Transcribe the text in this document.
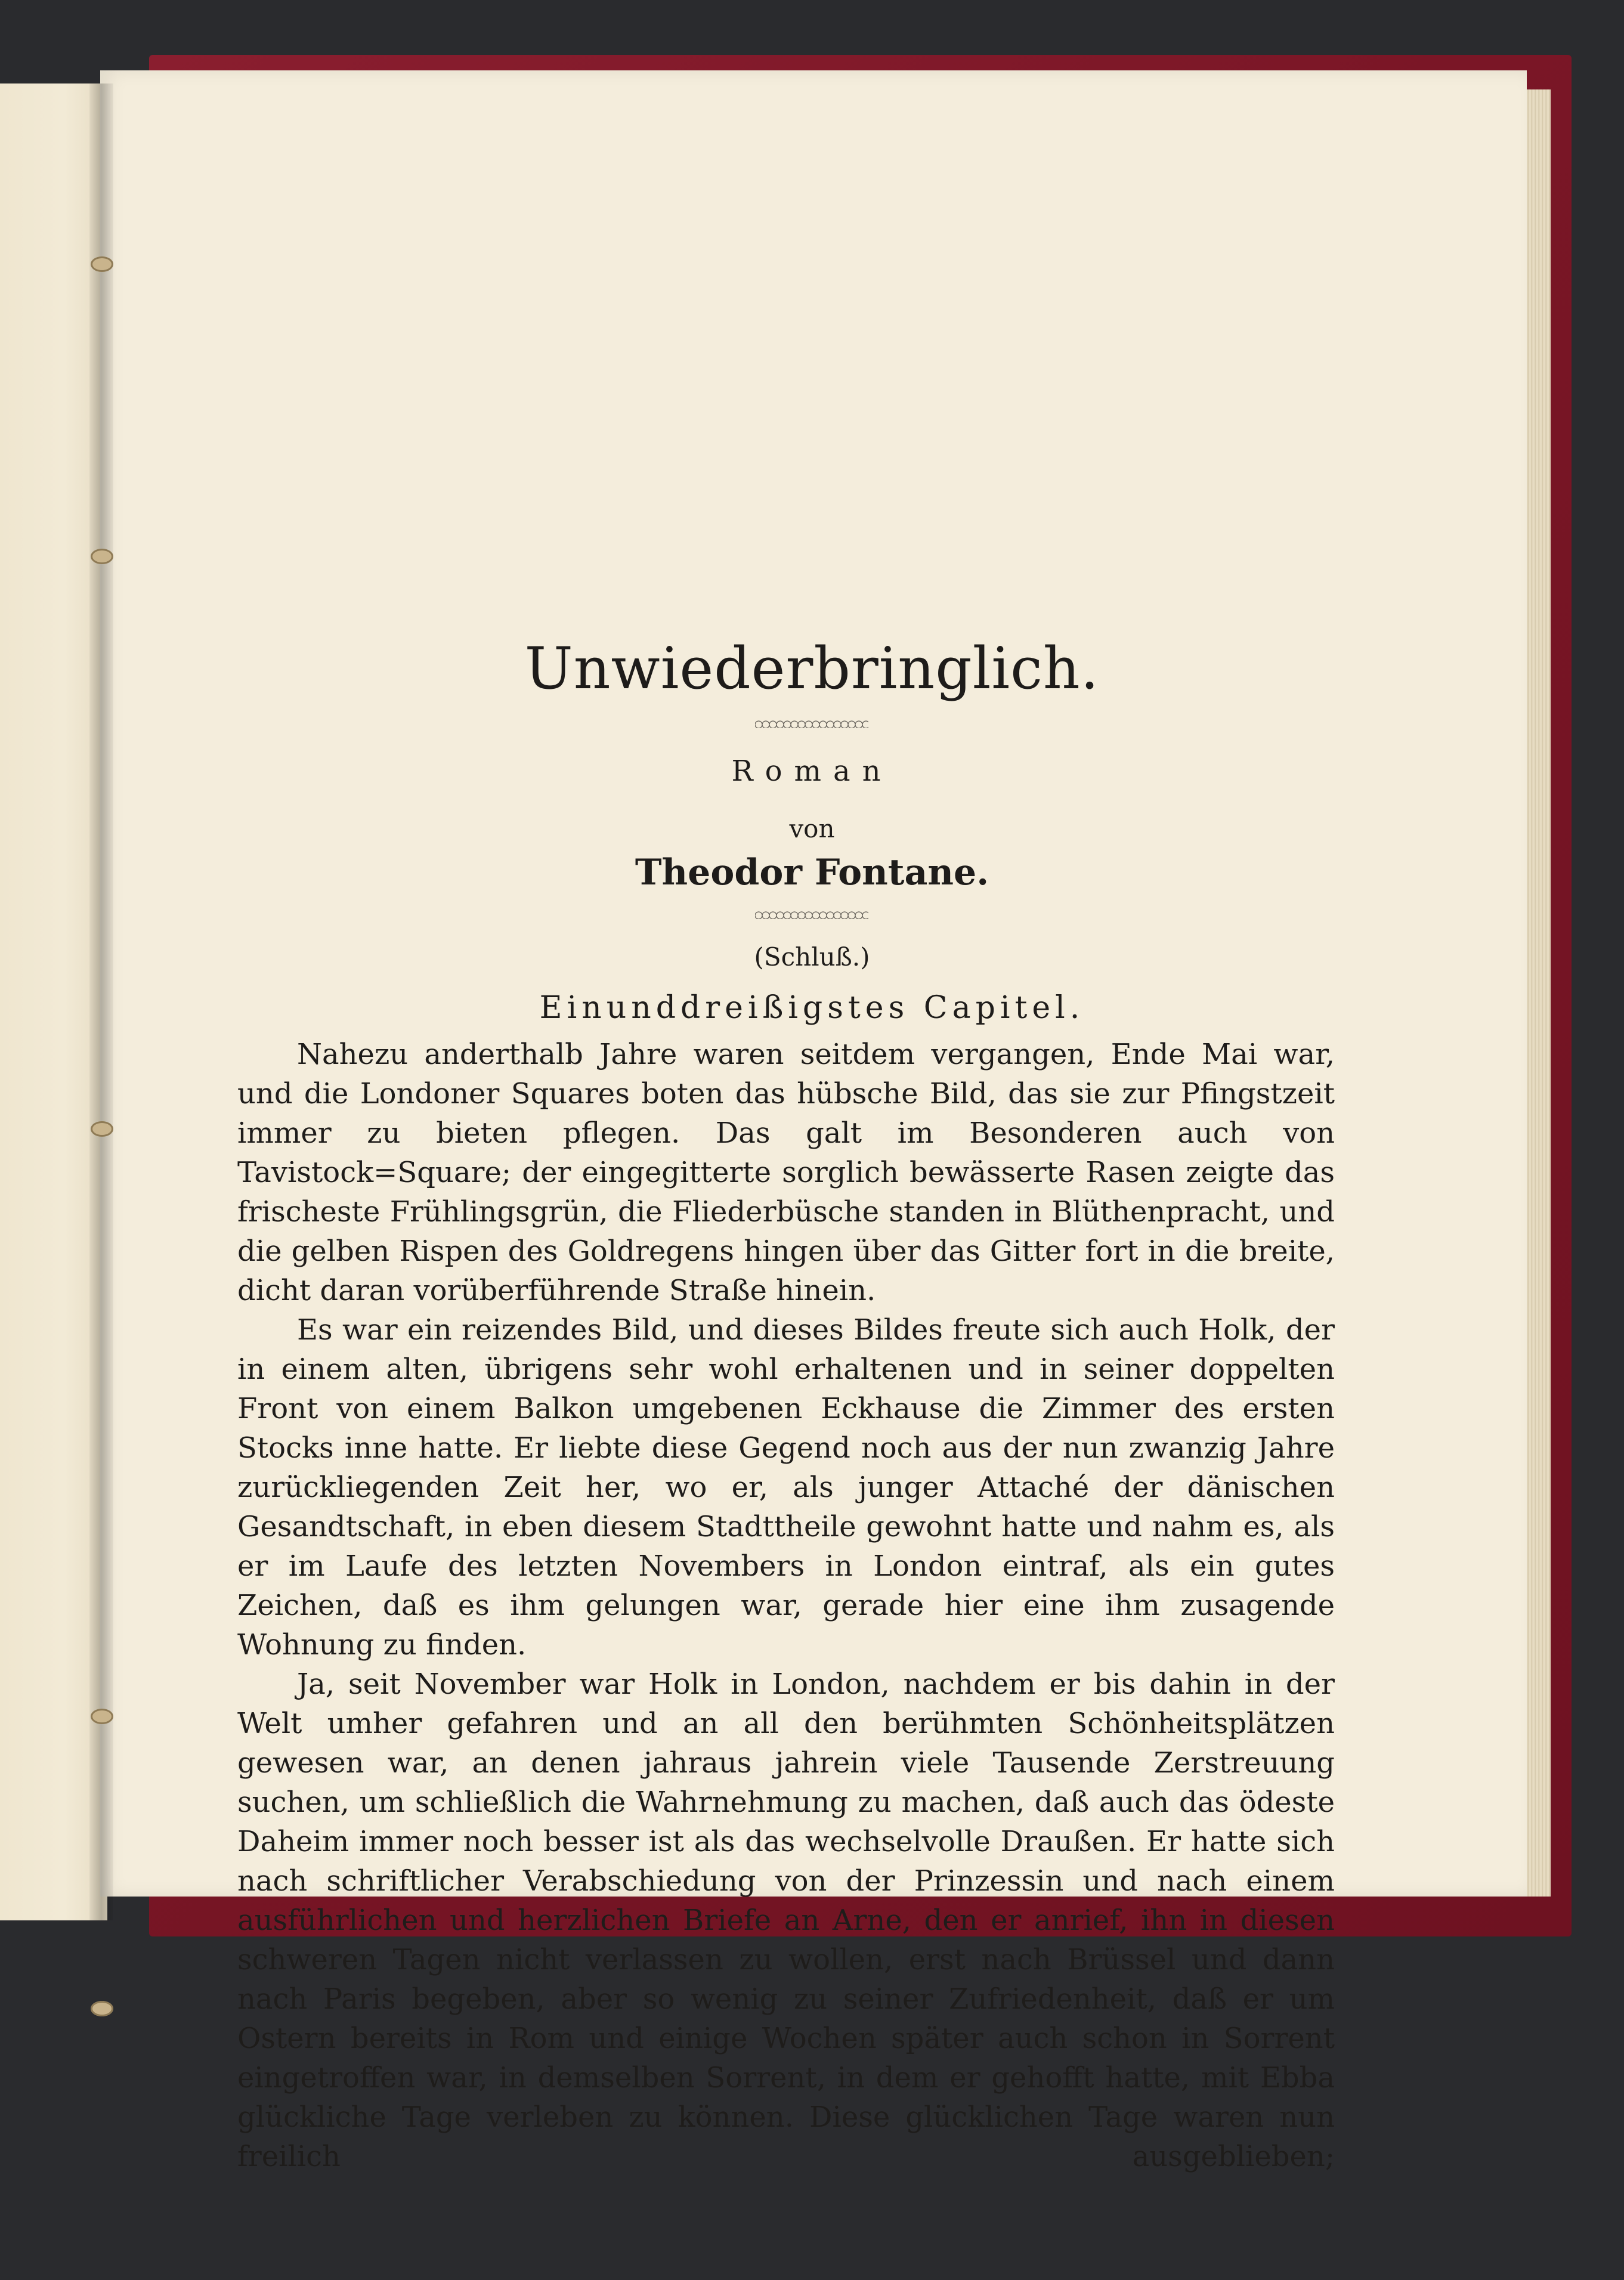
Unwiederbringlich.
Roman
von
Theodor Fontane.
(Schluß.)
Einunddreißigstes Capitel.

Nahezu anderthalb Jahre waren seitdem vergangen, Ende Mai war, und die Londoner Squares boten das hübsche Bild, das sie zur Pfingstzeit immer zu bieten pflegen. Das galt im Besonderen auch von Tavistock=Square; der eingegitterte sorglich bewässerte Rasen zeigte das frischeste Frühlingsgrün, die Fliederbüsche standen in Blüthenpracht, und die gelben Rispen des Goldregens hingen über das Gitter fort in die breite, dicht daran vorüberführende Straße hinein.

Es war ein reizendes Bild, und dieses Bildes freute sich auch Holk, der in einem alten, übrigens sehr wohl erhaltenen und in seiner doppelten Front von einem Balkon umgebenen Eckhause die Zimmer des ersten Stocks inne hatte. Er liebte diese Gegend noch aus der nun zwanzig Jahre zurückliegenden Zeit her, wo er, als junger Attaché der dänischen Gesandtschaft, in eben diesem Stadttheile gewohnt hatte und nahm es, als er im Laufe des letzten Novembers in London eintraf, als ein gutes Zeichen, daß es ihm gelungen war, gerade hier eine ihm zusagende Wohnung zu finden.

Ja, seit November war Holk in London, nachdem er bis dahin in der Welt umher gefahren und an all den berühmten Schönheitsplätzen gewesen war, an denen jahraus jahrein viele Tausende Zerstreuung suchen, um schließlich die Wahrnehmung zu machen, daß auch das ödeste Daheim immer noch besser ist als das wechselvolle Draußen. Er hatte sich nach schriftlicher Verabschiedung von der Prinzessin und nach einem ausführlichen und herzlichen Briefe an Arne, den er anrief, ihn in diesen schweren Tagen nicht verlassen zu wollen, erst nach Brüssel und dann nach Paris begeben, aber so wenig zu seiner Zufriedenheit, daß er um Ostern bereits in Rom und einige Wochen später auch schon in Sorrent eingetroffen war, in demselben Sorrent, in dem er gehofft hatte, mit Ebba glückliche Tage verleben zu können. Diese glücklichen Tage waren nun freilich ausgeblieben;
